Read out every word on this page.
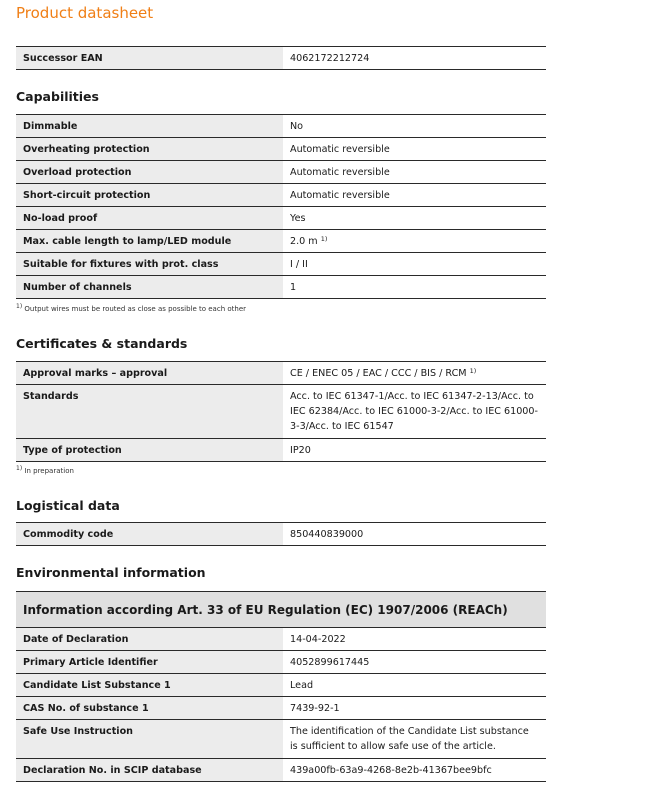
Product datasheet
Successor EAN	4062172212724
Capabilities
Dimmable	No
Overheating protection	Automatic reversible
Overload protection	Automatic reversible
Short-circuit protection	Automatic reversible
No-load proof	Yes
Max. cable length to lamp/LED module	2.0 m $^{1)}$
Suitable for fixtures with prot. class	I / II
Number of channels	1
$^{1)}$ Output wires must be routed as close as possible to each other
Certificates & standards
Approval marks – approval	CE / ENEC 05 / EAC / CCC / BIS / RCM $^{1)}$
Standards	Acc. to IEC 61347-1/Acc. to IEC 61347-2-13/Acc. to IEC 62384/Acc. to IEC 61000-3-2/Acc. to IEC 61000-3-3/Acc. to IEC 61547
Type of protection	IP20
$^{1)}$ In preparation
Logistical data
Commodity code	850440839000
Environmental information
Information according Art. 33 of EU Regulation (EC) 1907/2006 (REACh)
Date of Declaration	14-04-2022
Primary Article Identifier	4052899617445
Candidate List Substance 1	Lead
CAS No. of substance 1	7439-92-1
Safe Use Instruction	The identification of the Candidate List substance is sufficient to allow safe use of the article.
Declaration No. in SCIP database	439a00fb-63a9-4268-8e2b-41367bee9bfc
